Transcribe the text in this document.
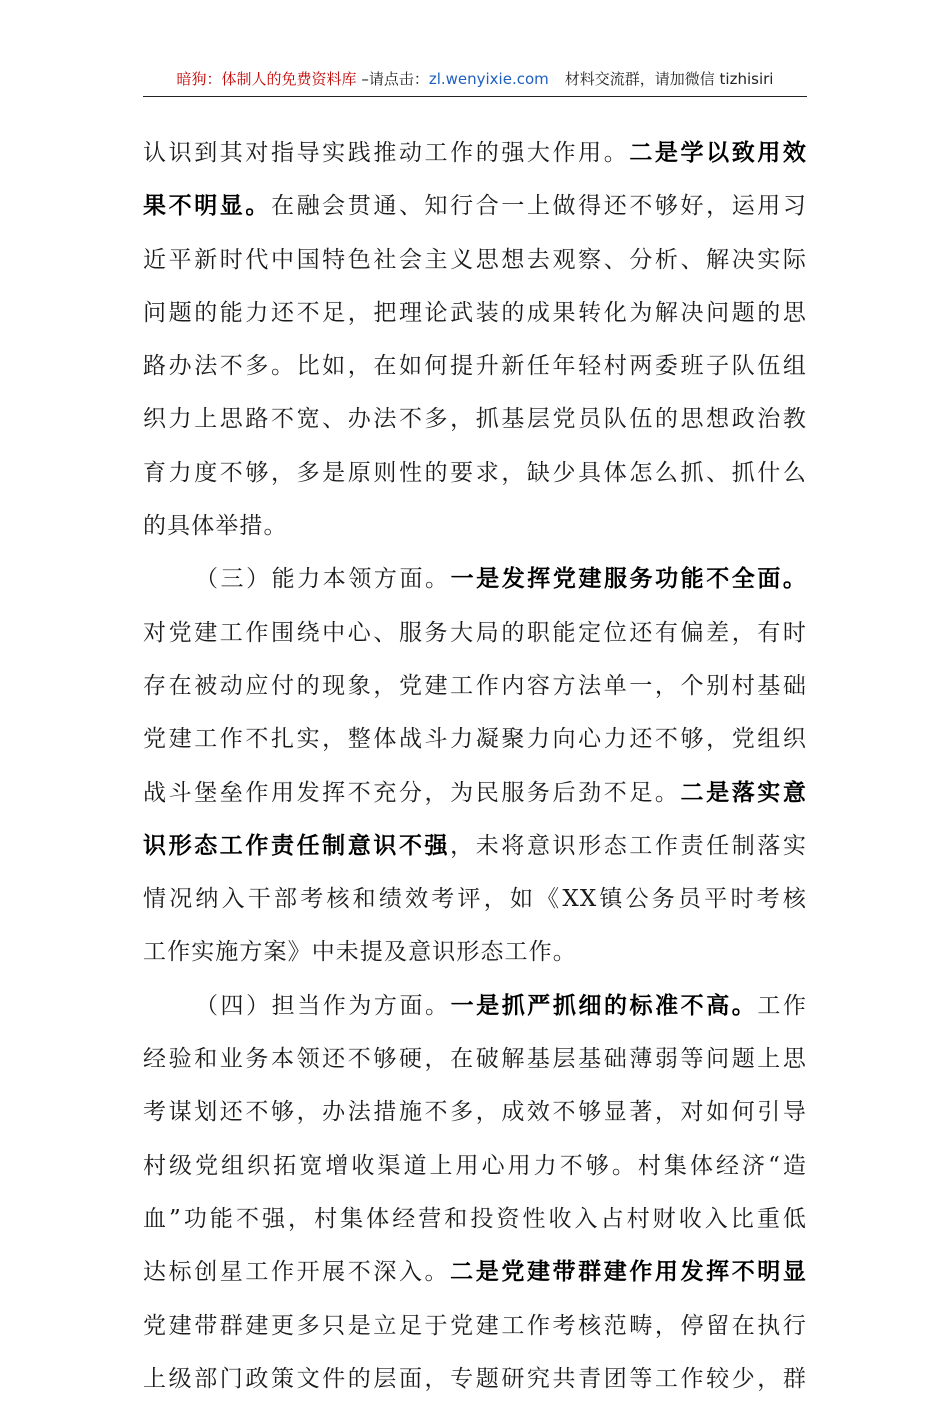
暗狗：体制人的免费资料库 –请点击：zl.wenyixie.com 材料交流群，请加微信 tizhisiri
认识到其对指导实践推动工作的强大作用。二是学以致用效
果不明显。在融会贯通、知行合一上做得还不够好，运用习
近平新时代中国特色社会主义思想去观察、分析、解决实际
问题的能力还不足，把理论武装的成果转化为解决问题的思
路办法不多。比如，在如何提升新任年轻村两委班子队伍组
织力上思路不宽、办法不多，抓基层党员队伍的思想政治教
育力度不够，多是原则性的要求，缺少具体怎么抓、抓什么
的具体举措。
（三）能力本领方面。一是发挥党建服务功能不全面。
对党建工作围绕中心、服务大局的职能定位还有偏差，有时
存在被动应付的现象，党建工作内容方法单一，个别村基础
党建工作不扎实，整体战斗力凝聚力向心力还不够，党组织
战斗堡垒作用发挥不充分，为民服务后劲不足。二是落实意
识形态工作责任制意识不强，未将意识形态工作责任制落实
情况纳入干部考核和绩效考评，如《XX镇公务员平时考核
工作实施方案》中未提及意识形态工作。
（四）担当作为方面。一是抓严抓细的标准不高。工作
经验和业务本领还不够硬，在破解基层基础薄弱等问题上思
考谋划还不够，办法措施不多，成效不够显著，对如何引导
村级党组织拓宽增收渠道上用心用力不够。村集体经济“造
血”功能不强，村集体经营和投资性收入占村财收入比重低
达标创星工作开展不深入。二是党建带群建作用发挥不明显
党建带群建更多只是立足于党建工作考核范畴，停留在执行
上级部门政策文件的层面，专题研究共青团等工作较少，群
